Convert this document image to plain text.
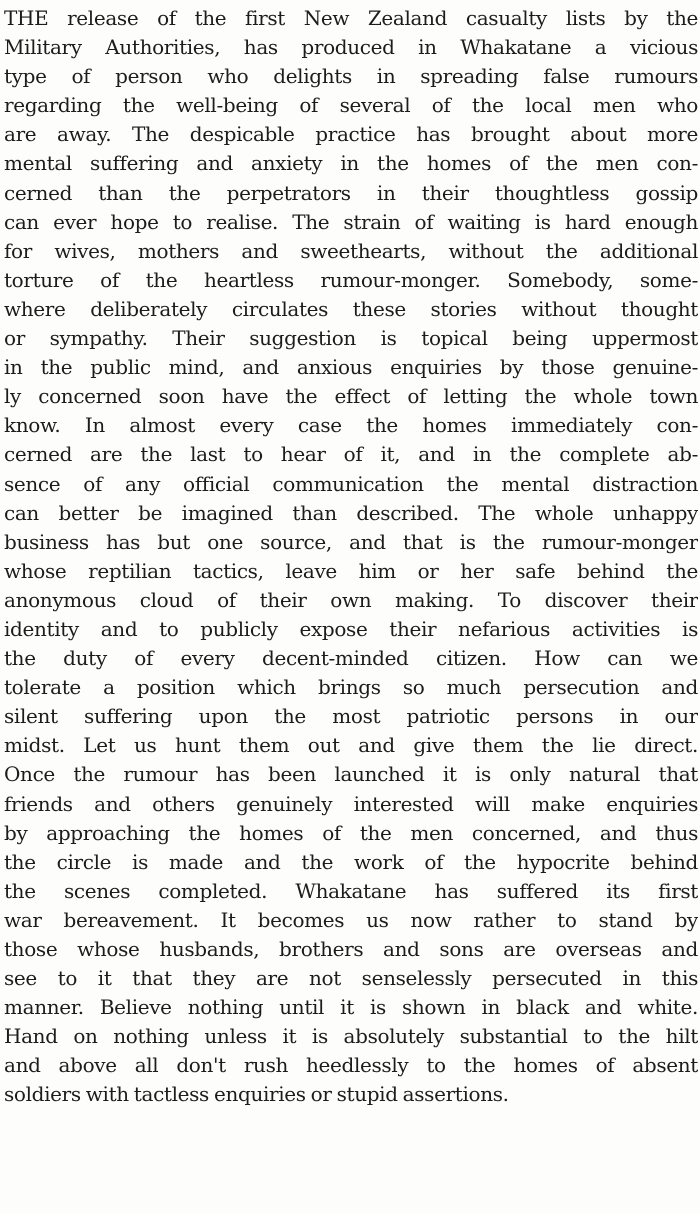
THE release of the first New Zealand casualty lists by the
Military Authorities, has produced in Whakatane a vicious
type of person who delights in spreading false rumours
regarding the well-being of several of the local men who
are away. The despicable practice has brought about more
mental suffering and anxiety in the homes of the men con-
cerned than the perpetrators in their thoughtless gossip
can ever hope to realise. The strain of waiting is hard enough
for wives, mothers and sweethearts, without the additional
torture of the heartless rumour-monger. Somebody, some-
where deliberately circulates these stories without thought
or sympathy. Their suggestion is topical being uppermost
in the public mind, and anxious enquiries by those genuine-
ly concerned soon have the effect of letting the whole town
know. In almost every case the homes immediately con-
cerned are the last to hear of it, and in the complete ab-
sence of any official communication the mental distraction
can better be imagined than described. The whole unhappy
business has but one source, and that is the rumour-monger
whose reptilian tactics, leave him or her safe behind the
anonymous cloud of their own making. To discover their
identity and to publicly expose their nefarious activities is
the duty of every decent-minded citizen. How can we
tolerate a position which brings so much persecution and
silent suffering upon the most patriotic persons in our
midst. Let us hunt them out and give them the lie direct.
Once the rumour has been launched it is only natural that
friends and others genuinely interested will make enquiries
by approaching the homes of the men concerned, and thus
the circle is made and the work of the hypocrite behind
the scenes completed. Whakatane has suffered its first
war bereavement. It becomes us now rather to stand by
those whose husbands, brothers and sons are overseas and
see to it that they are not senselessly persecuted in this
manner. Believe nothing until it is shown in black and white.
Hand on nothing unless it is absolutely substantial to the hilt
and above all don't rush heedlessly to the homes of absent
soldiers with tactless enquiries or stupid assertions.
